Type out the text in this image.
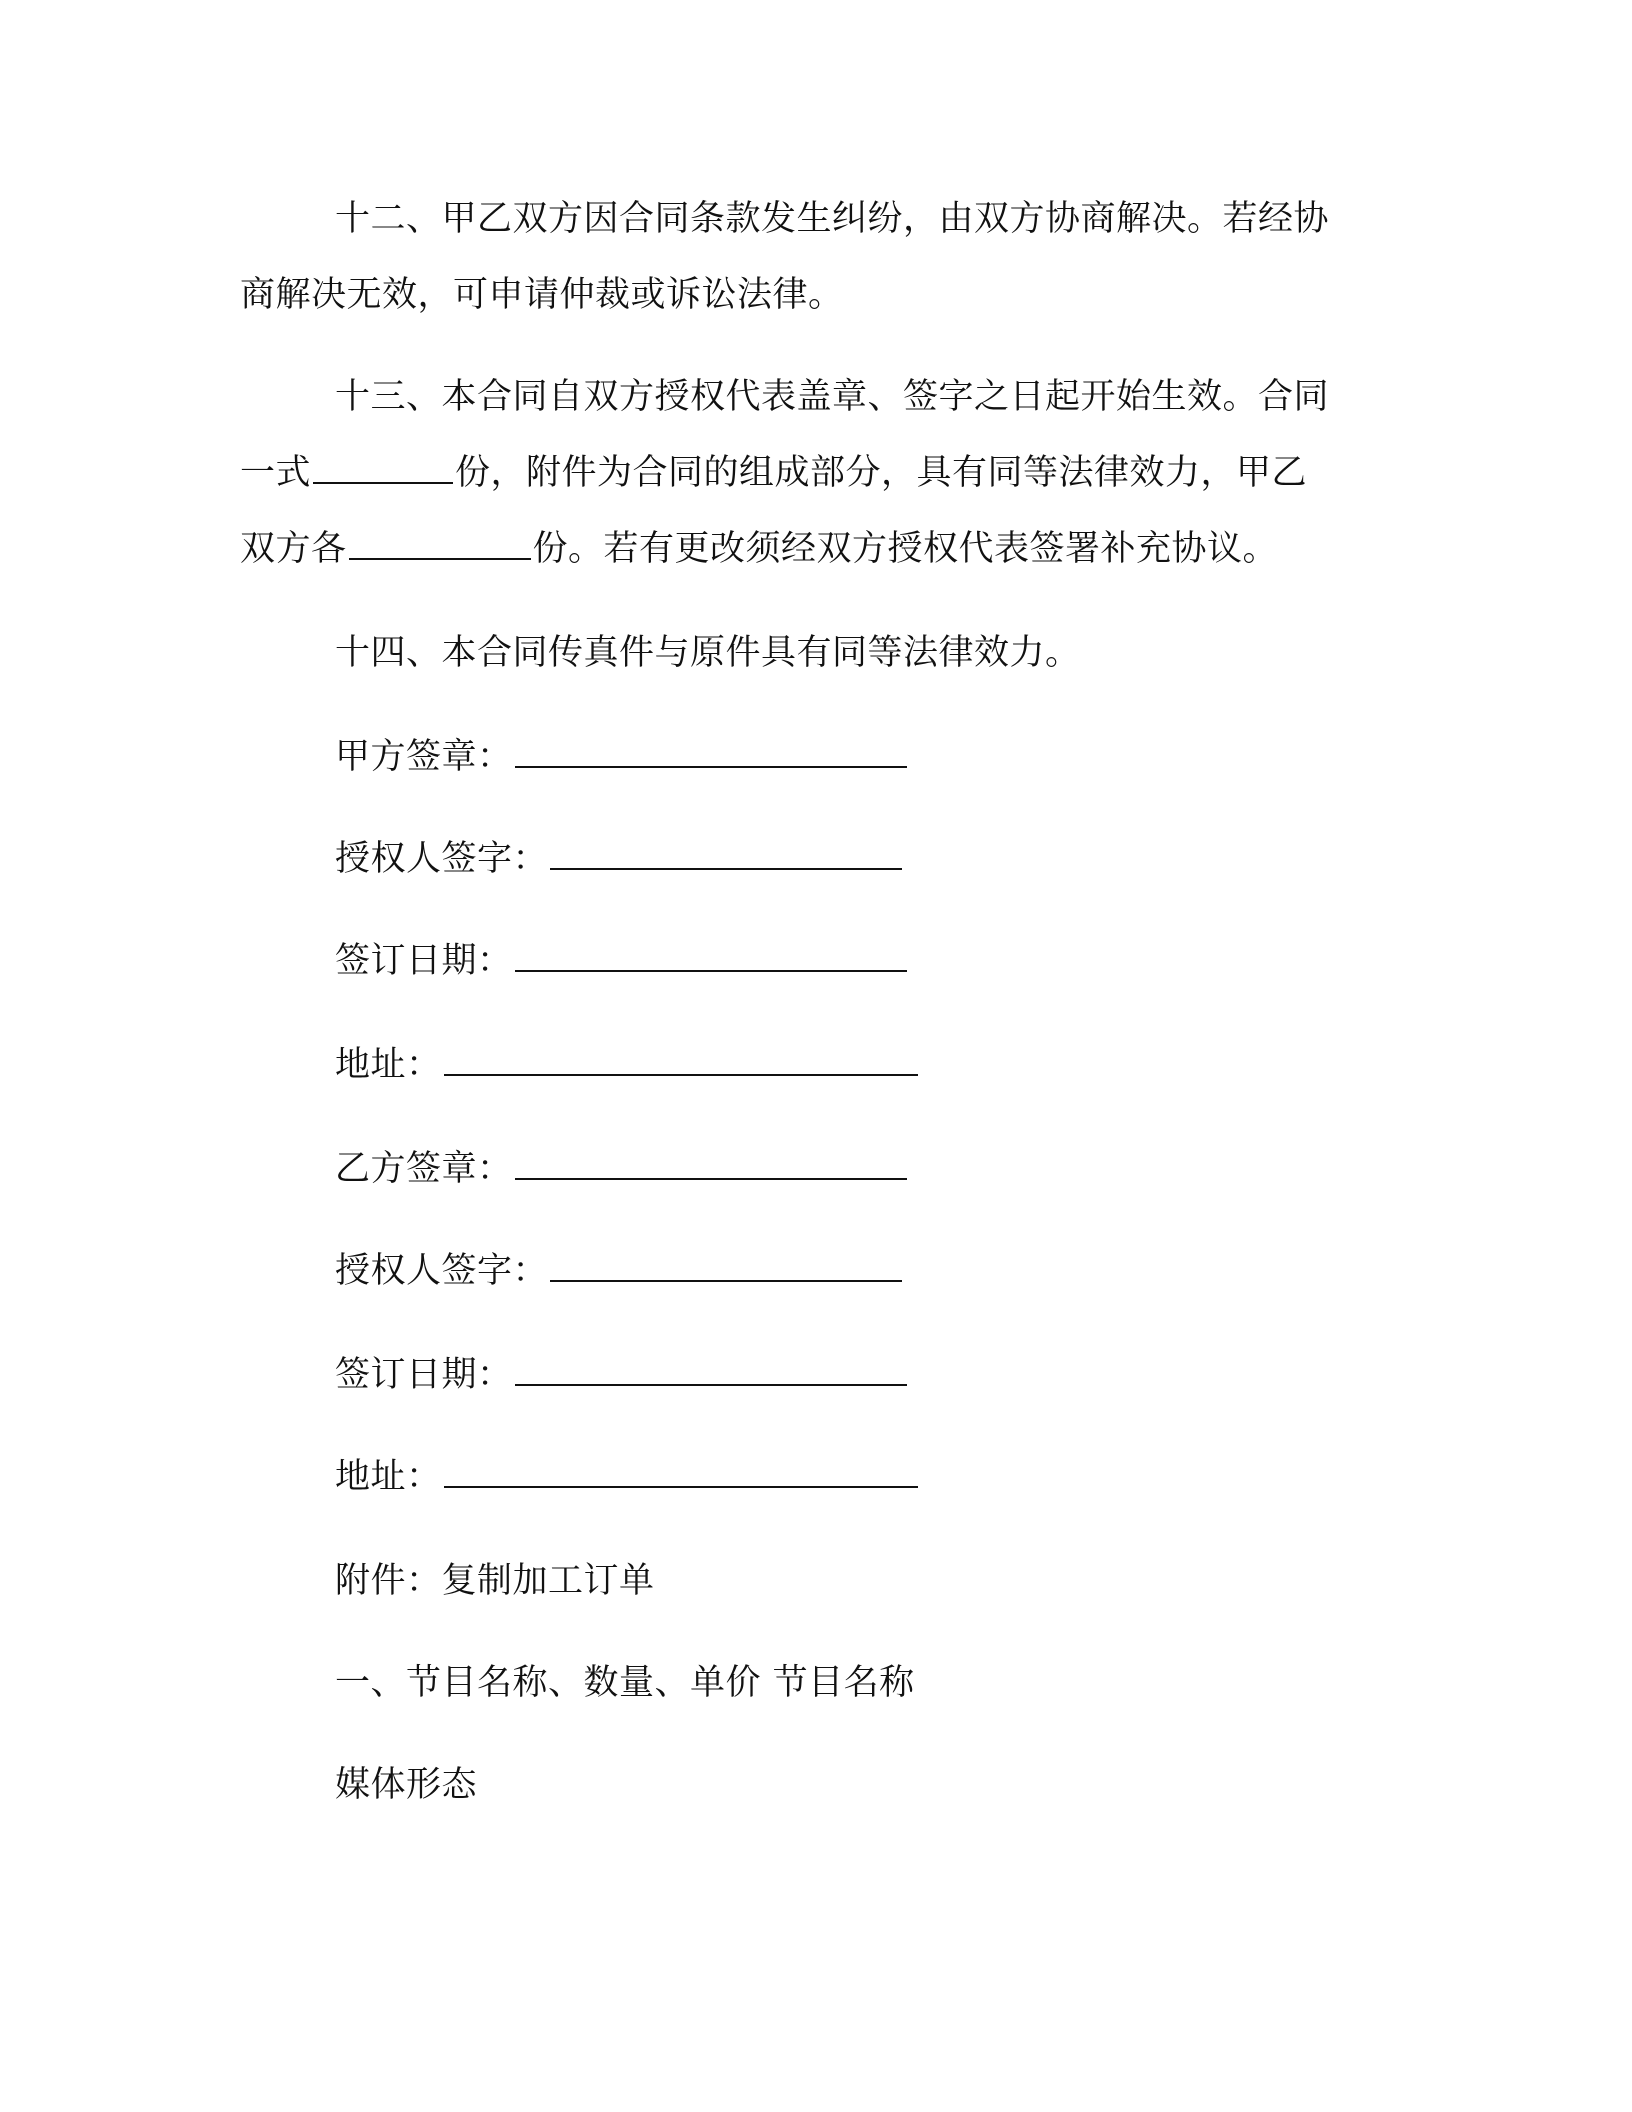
十二、甲乙双方因合同条款发生纠纷，由双方协商解决。若经协

商解决无效，可申请仲裁或诉讼法律。

十三、本合同自双方授权代表盖章、签字之日起开始生效。合同

一式	份，附件为合同的组成部分，具有同等法律效力，甲乙

双方各	份。若有更改须经双方授权代表签署补充协议。

十四、本合同传真件与原件具有同等法律效力。

甲方签章：

授权人签字：

签订日期：

地址：

乙方签章：

授权人签字：

签订日期：

地址：

附件：复制加工订单

一、节目名称、数量、单价 节目名称

媒体形态
